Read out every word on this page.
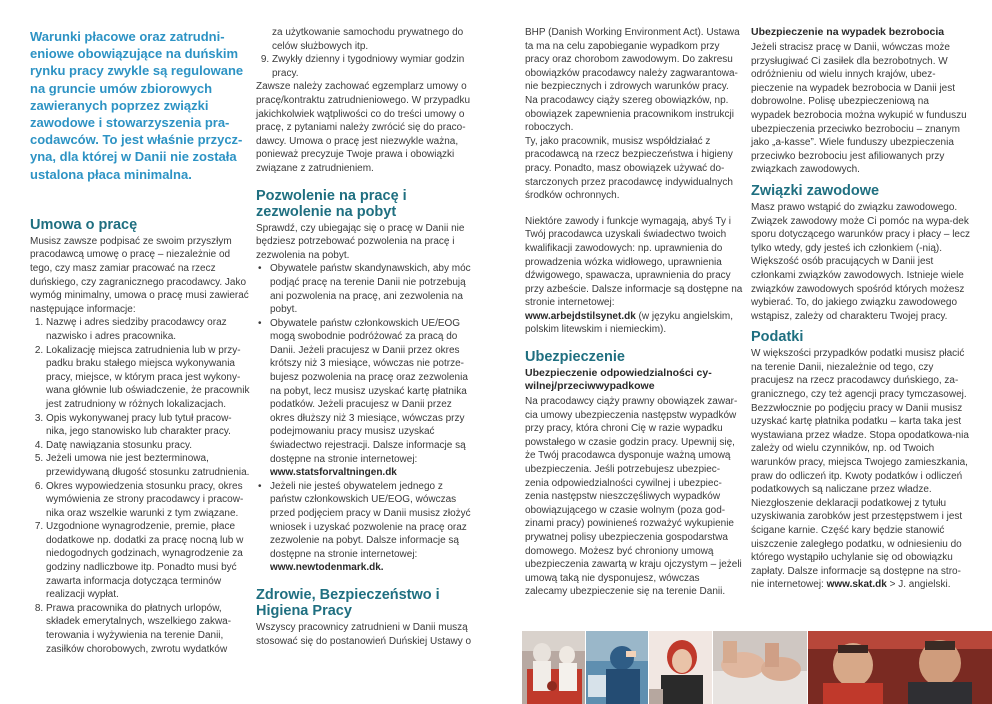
Warunki płacowe oraz zatrudni-eniowe obowiązujące na duńskim rynku pracy zwykle są regulowane na gruncie umów zbiorowych zawieranych poprzez związki zawodowe i stowarzyszenia pra-codawców. To jest właśnie przycz-yna, dla której w Danii nie została ustalona płaca minimalna.

Umowa o pracę

Musisz zawsze podpisać ze swoim przyszłym pracodawcą umowę o pracę – niezależnie od tego, czy masz zamiar pracować na rzecz duńskiego, czy zagranicznego pracodawcy. Jako wymóg minimalny, umowa o pracę musi zawierać następujące informacje:

1. Nazwę i adres siedziby pracodawcy oraz nazwisko i adres pracownika.
2. Lokalizację miejsca zatrudnienia lub w przy-padku braku stałego miejsca wykonywania pracy, miejsce, w którym praca jest wykony-wana głównie lub oświadczenie, że pracownik jest zatrudniony w różnych lokalizacjach.
3. Opis wykonywanej pracy lub tytuł pracow-nika, jego stanowisko lub charakter pracy.
4. Datę nawiązania stosunku pracy.
5. Jeżeli umowa nie jest bezterminowa, przewidywaną długość stosunku zatrudnienia.
6. Okres wypowiedzenia stosunku pracy, okres wymówienia ze strony pracodawcy i pracow-nika oraz wszelkie warunki z tym związane.
7. Uzgodnione wynagrodzenie, premie, płace dodatkowe np. dodatki za pracę nocną lub w niedogodnych godzinach, wynagrodzenie za godziny nadliczbowe itp. Ponadto musi być zawarta informacja dotycząca terminów realizacji wypłat.
8. Prawa pracownika do płatnych urlopów, składek emerytalnych, wszelkiego zakwa-terowania i wyżywienia na terenie Danii, zasiłków chorobowych, zwrotu wydatków

za użytkowanie samochodu prywatnego do celów służbowych itp.

9. Zwykły dzienny i tygodniowy wymiar godzin pracy.

Zawsze należy zachować egzemplarz umowy o pracę/kontraktu zatrudnieniowego. W przypadku jakichkolwiek wątpliwości co do treści umowy o pracę, z pytaniami należy zwrócić się do praco-dawcy. Umowa o pracę jest niezwykle ważna, ponieważ precyzuje Twoje prawa i obowiązki związane z zatrudnieniem.

Pozwolenie na pracę i zezwolenie na pobyt

Sprawdź, czy ubiegając się o pracę w Danii nie będziesz potrzebować pozwolenia na pracę i zezwolenia na pobyt.

• Obywatele państw skandynawskich, aby móc podjąć pracę na terenie Danii nie potrzebują ani pozwolenia na pracę, ani zezwolenia na pobyt.
• Obywatele państw członkowskich UE/EOG mogą swobodnie podróżować za pracą do Danii. Jeżeli pracujesz w Danii przez okres krótszy niż 3 miesiące, wówczas nie potrze-bujesz pozwolenia na pracę oraz zezwolenia na pobyt, lecz musisz uzyskać kartę płatnika podatków. Jeżeli pracujesz w Danii przez okres dłuższy niż 3 miesiące, wówczas przy podejmowaniu pracy musisz uzyskać świadectwo rejestracji. Dalsze informacje są dostępne na stronie internetowej:
www.statsforvaltningen.dk
• Jeżeli nie jesteś obywatelem jednego z państw członkowskich UE/EOG, wówczas przed podjęciem pracy w Danii musisz złożyć wniosek i uzyskać pozwolenie na pracę oraz zezwolenie na pobyt. Dalsze informacje są dostępne na stronie internetowej:
www.newtodenmark.dk.
Zdrowie, Bezpieczeństwo i Higiena Pracy

Wszyscy pracownicy zatrudnieni w Danii muszą stosować się do postanowień Duńskiej Ustawy o

BHP (Danish Working Environment Act). Ustawa ta ma na celu zapobieganie wypadkom przy pracy oraz chorobom zawodowym. Do zakresu obowiązków pracodawcy należy zagwarantowa-nie bezpiecznych i zdrowych warunków pracy. Na pracodawcy ciąży szereg obowiązków, np. obowiązek zapewnienia pracownikom instrukcji roboczych.

Ty, jako pracownik, musisz współdziałać z pracodawcą na rzecz bezpieczeństwa i higieny pracy. Ponadto, masz obowiązek używać do-starczonych przez pracodawcę indywidualnych środków ochronnych.

Niektóre zawody i funkcje wymagają, abyś Ty i Twój pracodawca uzyskali świadectwo twoich kwalifikacji zawodowych: np. uprawnienia do prowadzenia wózka widłowego, uprawnienia dźwigowego, spawacza, uprawnienia do pracy przy azbeście. Dalsze informacje są dostępne na stronie internetowej:
www.arbejdstilsynet.dk (w języku angielskim, polskim litewskim i niemieckim).

Ubezpieczenie
Ubezpieczenie odpowiedzialności cy-wilnej/przeciwwypadkowe

Na pracodawcy ciąży prawny obowiązek zawar-cia umowy ubezpieczenia następstw wypadków przy pracy, która chroni Cię w razie wypadku powstałego w czasie godzin pracy. Upewnij się, że Twój pracodawca dysponuje ważną umową ubezpieczenia. Jeśli potrzebujesz ubezpiec-zenia odpowiedzialności cywilnej i ubezpiec-zenia następstw nieszczęśliwych wypadków obowiązującego w czasie wolnym (poza god-zinami pracy) powinieneś rozważyć wykupienie prywatnej polisy ubezpieczenia gospodarstwa domowego. Możesz być chroniony umową ubezpieczenia zawartą w kraju ojczystym – jeżeli umową taką nie dysponujesz, wówczas zalecamy ubezpieczenie się na terenie Danii.

Ubezpieczenie na wypadek bezrobocia

Jeżeli stracisz pracę w Danii, wówczas może przysługiwać Ci zasiłek dla bezrobotnych. W odróżnieniu od wielu innych krajów, ubez-pieczenie na wypadek bezrobocia w Danii jest dobrowolne. Polisę ubezpieczeniową na wypadek bezrobocia można wykupić w funduszu ubezpieczenia przeciwko bezrobociu – znanym jako „a-kasse”. Wiele funduszy ubezpieczenia przeciwko bezrobociu jest afiliowanych przy związkach zawodowych.

Związki zawodowe

Masz prawo wstąpić do związku zawodowego. Związek zawodowy może Ci pomóc na wypa-dek sporu dotyczącego warunków pracy i płacy – lecz tylko wtedy, gdy jesteś ich członkiem (-nią). Większość osób pracujących w Danii jest członkami związków zawodowych. Istnieje wiele związków zawodowych spośród których możesz wybierać. To, do jakiego związku zawodowego wstąpisz, zależy od charakteru Twojej pracy.

Podatki

W większości przypadków podatki musisz płacić na terenie Danii, niezależnie od tego, czy pracujesz na rzecz pracodawcy duńskiego, za-granicznego, czy też agencji pracy tymczasowej. Bezzwłocznie po podjęciu pracy w Danii musisz uzyskać kartę płatnika podatku – karta taka jest wystawiana przez władze. Stopa opodatkowa-nia zależy od wielu czynników, np. od Twoich warunków pracy, miejsca Twojego zamieszkania, praw do odliczeń itp. Kwoty podatków i odliczeń podatkowych są naliczane przez władze. Niezgłoszenie deklaracji podatkowej z tytułu uzyskiwania zarobków jest przestępstwem i jest ścigane karnie. Część kary będzie stanowić uiszczenie zaległego podatku, w odniesieniu do którego wystąpiło uchylanie się od obowiązku zapłaty. Dalsze informacje są dostępne na stro-nie internetowej: www.skat.dk > J. angielski.
